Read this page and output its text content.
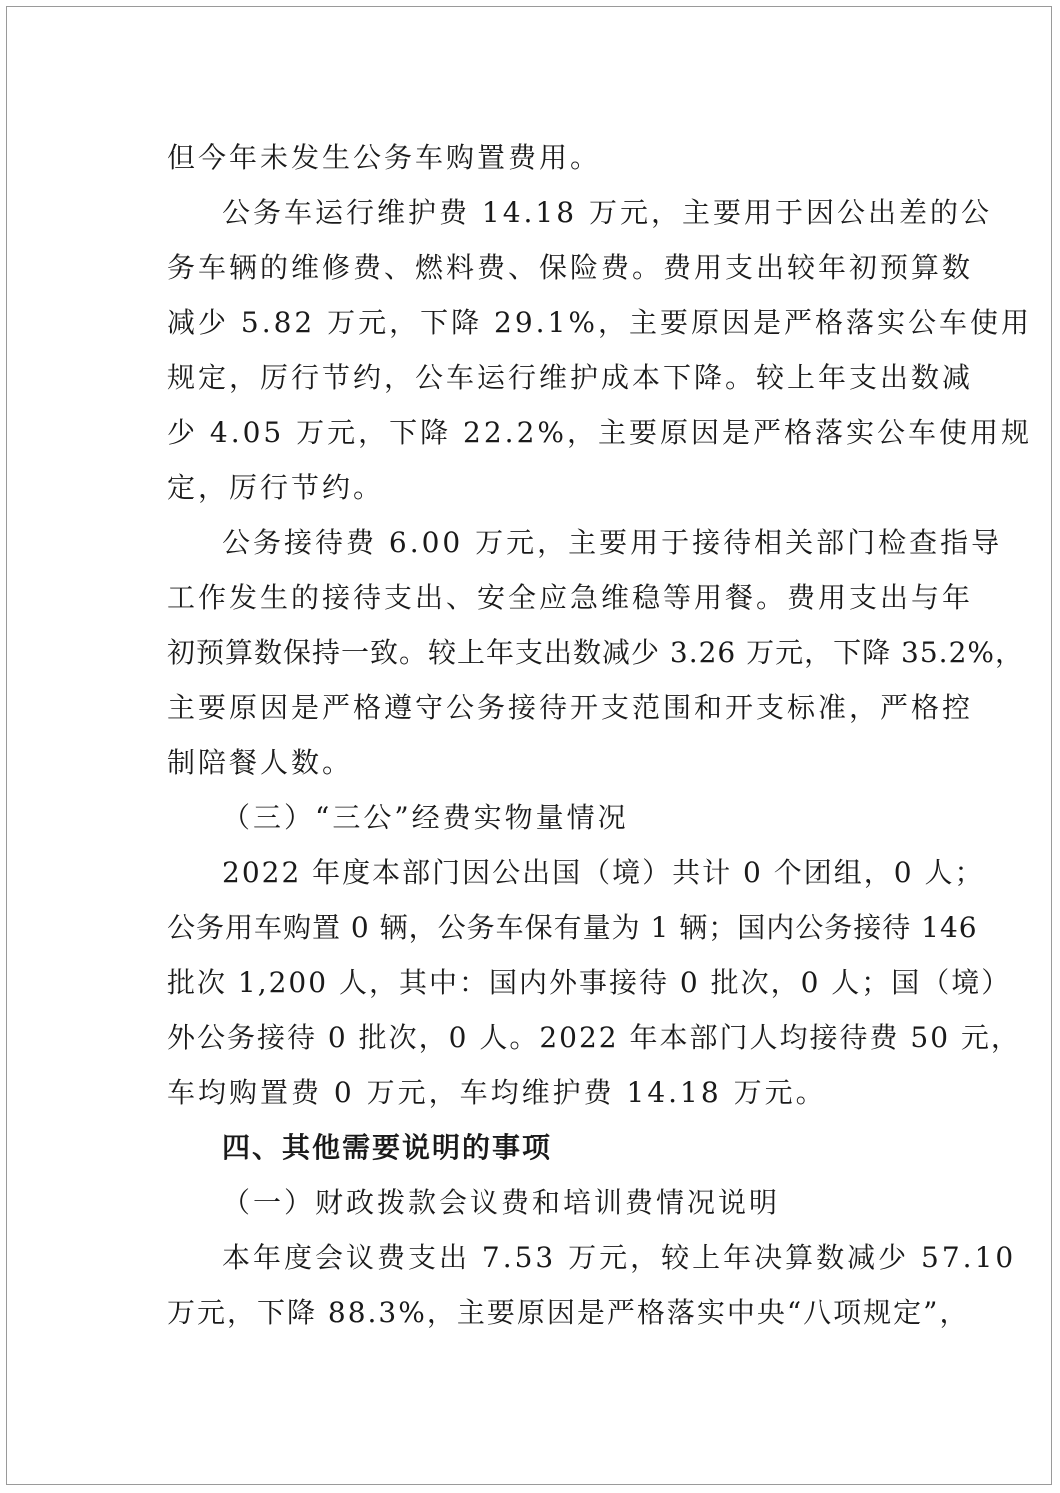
但今年未发生公务车购置费用。

公务车运行维护费 14.18 万元，主要用于因公出差的公

务车辆的维修费、燃料费、保险费。费用支出较年初预算数

减少 5.82 万元，下降 29.1%，主要原因是严格落实公车使用

规定，厉行节约，公车运行维护成本下降。较上年支出数减

少 4.05 万元，下降 22.2%，主要原因是严格落实公车使用规

定，厉行节约。

公务接待费 6.00 万元，主要用于接待相关部门检查指导

工作发生的接待支出、安全应急维稳等用餐。费用支出与年

初预算数保持一致。较上年支出数减少 3.26 万元，下降 35.2%，

主要原因是严格遵守公务接待开支范围和开支标准，严格控

制陪餐人数。

（三）“三公”经费实物量情况

2022 年度本部门因公出国（境）共计 0 个团组，0 人；

公务用车购置 0 辆，公务车保有量为 1 辆；国内公务接待 146

批次 1,200 人，其中：国内外事接待 0 批次，0 人；国（境）

外公务接待 0 批次，0 人。2022 年本部门人均接待费 50 元，

车均购置费 0 万元，车均维护费 14.18 万元。

四、其他需要说明的事项

（一）财政拨款会议费和培训费情况说明

本年度会议费支出 7.53 万元，较上年决算数减少 57.10

万元，下降 88.3%，主要原因是严格落实中央“八项规定”，
